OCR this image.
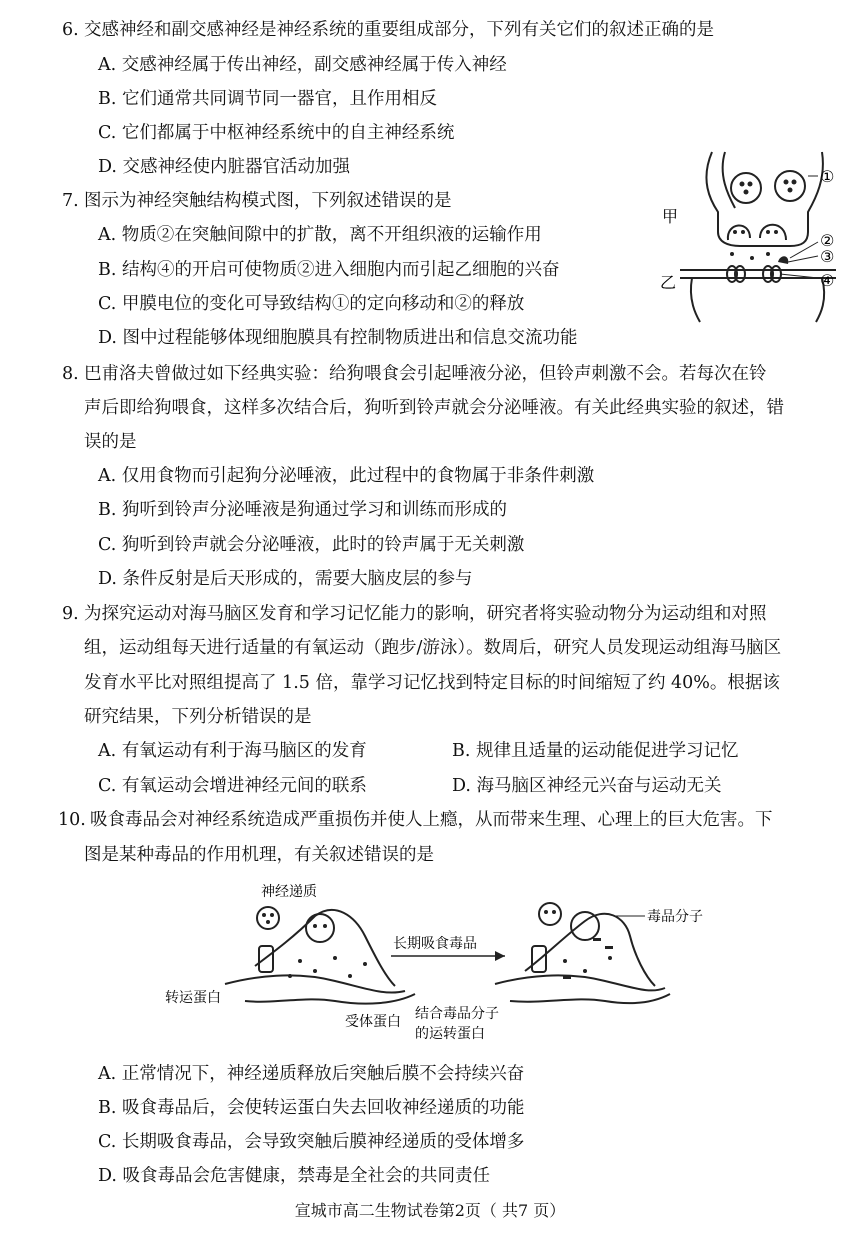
6. 交感神经和副交感神经是神经系统的重要组成部分，下列有关它们的叙述正确的是
A. 交感神经属于传出神经，副交感神经属于传入神经
B. 它们通常共同调节同一器官，且作用相反
C. 它们都属于中枢神经系统中的自主神经系统
D. 交感神经使内脏器官活动加强
7. 图示为神经突触结构模式图，下列叙述错误的是
A. 物质②在突触间隙中的扩散，离不开组织液的运输作用
B. 结构④的开启可使物质②进入细胞内而引起乙细胞的兴奋
C. 甲膜电位的变化可导致结构①的定向移动和②的释放
D. 图中过程能够体现细胞膜具有控制物质进出和信息交流功能
甲
乙
①
②
③
④
8. 巴甫洛夫曾做过如下经典实验：给狗喂食会引起唾液分泌，但铃声刺激不会。若每次在铃
声后即给狗喂食，这样多次结合后，狗听到铃声就会分泌唾液。有关此经典实验的叙述，错
误的是
A. 仅用食物而引起狗分泌唾液，此过程中的食物属于非条件刺激
B. 狗听到铃声分泌唾液是狗通过学习和训练而形成的
C. 狗听到铃声就会分泌唾液，此时的铃声属于无关刺激
D. 条件反射是后天形成的，需要大脑皮层的参与
9. 为探究运动对海马脑区发育和学习记忆能力的影响，研究者将实验动物分为运动组和对照
组，运动组每天进行适量的有氧运动（跑步/游泳）。数周后，研究人员发现运动组海马脑区
发育水平比对照组提高了 1.5 倍，靠学习记忆找到特定目标的时间缩短了约 40%。根据该
研究结果，下列分析错误的是
A. 有氧运动有利于海马脑区的发育	B. 规律且适量的运动能促进学习记忆
C. 有氧运动会增进神经元间的联系	D. 海马脑区神经元兴奋与运动无关
10. 吸食毒品会对神经系统造成严重损伤并使人上瘾，从而带来生理、心理上的巨大危害。下
图是某种毒品的作用机理，有关叙述错误的是
神经递质
转运蛋白
受体蛋白
长期吸食毒品
毒品分子
结合毒品分子
的运转蛋白
A. 正常情况下，神经递质释放后突触后膜不会持续兴奋
B. 吸食毒品后，会使转运蛋白失去回收神经递质的功能
C. 长期吸食毒品，会导致突触后膜神经递质的受体增多
D. 吸食毒品会危害健康，禁毒是全社会的共同责任
宣城市高二生物试卷第2页（ 共7 页）
